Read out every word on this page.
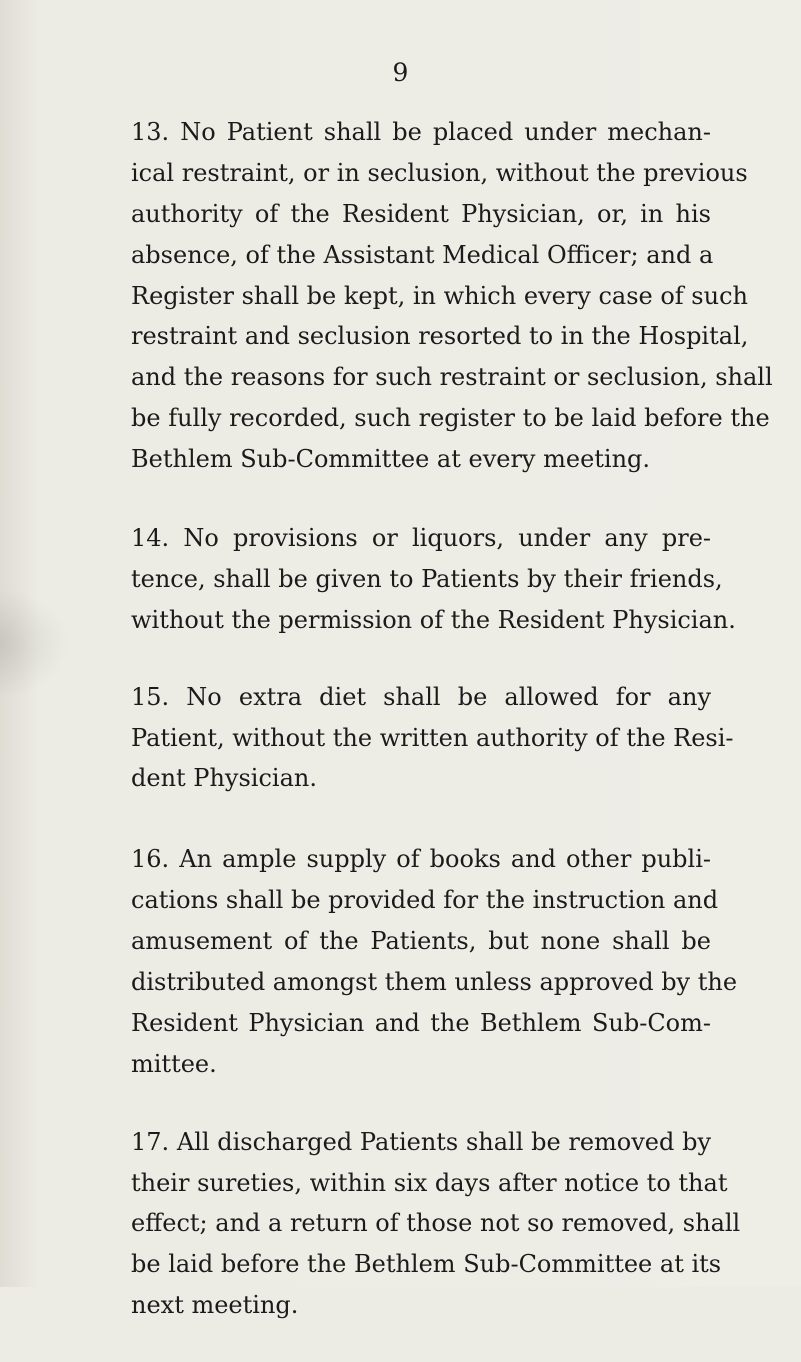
9

13. No Patient shall be placed under mechan-
ical restraint, or in seclusion, without the previous
authority of the Resident Physician, or, in his
absence, of the Assistant Medical Officer; and a
Register shall be kept, in which every case of such
restraint and seclusion resorted to in the Hospital,
and the reasons for such restraint or seclusion, shall
be fully recorded, such register to be laid before the
Bethlem Sub-Committee at every meeting.

14. No provisions or liquors, under any pre-
tence, shall be given to Patients by their friends,
without the permission of the Resident Physician.

15. No extra diet shall be allowed for any
Patient, without the written authority of the Resi-
dent Physician.

16. An ample supply of books and other publi-
cations shall be provided for the instruction and
amusement of the Patients, but none shall be
distributed amongst them unless approved by the
Resident Physician and the Bethlem Sub-Com-
mittee.

17. All discharged Patients shall be removed by
their sureties, within six days after notice to that
effect; and a return of those not so removed, shall
be laid before the Bethlem Sub-Committee at its
next meeting.
